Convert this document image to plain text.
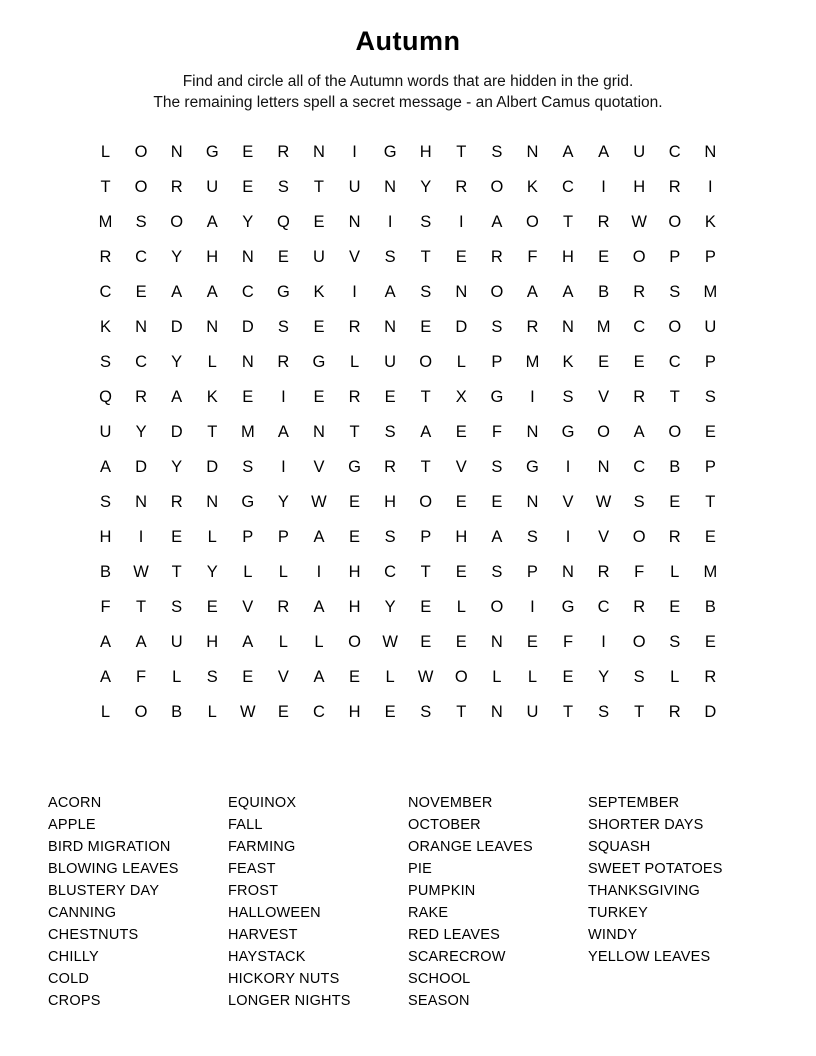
Autumn
Find and circle all of the Autumn words that are hidden in the grid.
The remaining letters spell a secret message - an Albert Camus quotation.
L	O	N	G	E	R	N	I	G	H	T	S	N	A	A	U	C	N
T	O	R	U	E	S	T	U	N	Y	R	O	K	C	I	H	R	I
M	S	O	A	Y	Q	E	N	I	S	I	A	O	T	R	W	O	K
R	C	Y	H	N	E	U	V	S	T	E	R	F	H	E	O	P	P
C	E	A	A	C	G	K	I	A	S	N	O	A	A	B	R	S	M
K	N	D	N	D	S	E	R	N	E	D	S	R	N	M	C	O	U
S	C	Y	L	N	R	G	L	U	O	L	P	M	K	E	E	C	P
Q	R	A	K	E	I	E	R	E	T	X	G	I	S	V	R	T	S
U	Y	D	T	M	A	N	T	S	A	E	F	N	G	O	A	O	E
A	D	Y	D	S	I	V	G	R	T	V	S	G	I	N	C	B	P
S	N	R	N	G	Y	W	E	H	O	E	E	N	V	W	S	E	T
H	I	E	L	P	P	A	E	S	P	H	A	S	I	V	O	R	E
B	W	T	Y	L	L	I	H	C	T	E	S	P	N	R	F	L	M
F	T	S	E	V	R	A	H	Y	E	L	O	I	G	C	R	E	B
A	A	U	H	A	L	L	O	W	E	E	N	E	F	I	O	S	E
A	F	L	S	E	V	A	E	L	W	O	L	L	E	Y	S	L	R
L	O	B	L	W	E	C	H	E	S	T	N	U	T	S	T	R	D
ACORN
APPLE
BIRD MIGRATION
BLOWING LEAVES
BLUSTERY DAY
CANNING
CHESTNUTS
CHILLY
COLD
CROPS
EQUINOX
FALL
FARMING
FEAST
FROST
HALLOWEEN
HARVEST
HAYSTACK
HICKORY NUTS
LONGER NIGHTS
NOVEMBER
OCTOBER
ORANGE LEAVES
PIE
PUMPKIN
RAKE
RED LEAVES
SCARECROW
SCHOOL
SEASON
SEPTEMBER
SHORTER DAYS
SQUASH
SWEET POTATOES
THANKSGIVING
TURKEY
WINDY
YELLOW LEAVES
